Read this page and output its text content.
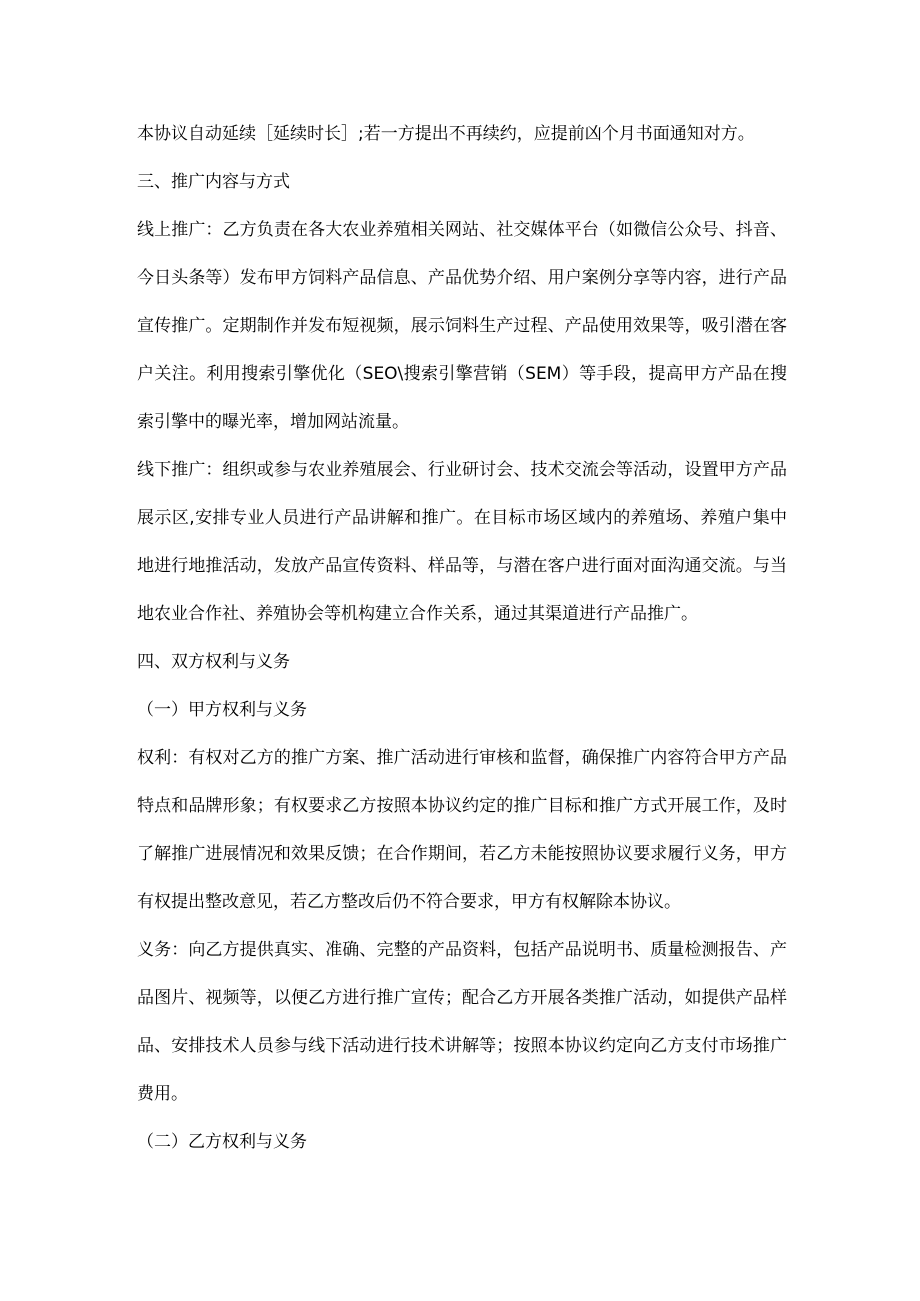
本协议自动延续［延续时长］;若一方提出不再续约，应提前凶个月书面通知对方。

三、推广内容与方式

线上推广：乙方负责在各大农业养殖相关网站、社交媒体平台（如微信公众号、抖音、今日头条等）发布甲方饲料产品信息、产品优势介绍、用户案例分享等内容，进行产品宣传推广。定期制作并发布短视频，展示饲料生产过程、产品使用效果等，吸引潜在客户关注。利用搜索引擎优化（SEO\搜索引擎营销（SEM）等手段，提高甲方产品在搜索引擎中的曝光率，增加网站流量。

线下推广：组织或参与农业养殖展会、行业研讨会、技术交流会等活动，设置甲方产品展示区,安排专业人员进行产品讲解和推广。在目标市场区域内的养殖场、养殖户集中地进行地推活动，发放产品宣传资料、样品等，与潜在客户进行面对面沟通交流。与当地农业合作社、养殖协会等机构建立合作关系，通过其渠道进行产品推广。

四、双方权利与义务

（一）甲方权利与义务

权利：有权对乙方的推广方案、推广活动进行审核和监督，确保推广内容符合甲方产品特点和品牌形象；有权要求乙方按照本协议约定的推广目标和推广方式开展工作，及时了解推广进展情况和效果反馈；在合作期间，若乙方未能按照协议要求履行义务，甲方有权提出整改意见，若乙方整改后仍不符合要求，甲方有权解除本协议。

义务：向乙方提供真实、准确、完整的产品资料，包括产品说明书、质量检测报告、产品图片、视频等，以便乙方进行推广宣传；配合乙方开展各类推广活动，如提供产品样品、安排技术人员参与线下活动进行技术讲解等；按照本协议约定向乙方支付市场推广费用。

（二）乙方权利与义务
